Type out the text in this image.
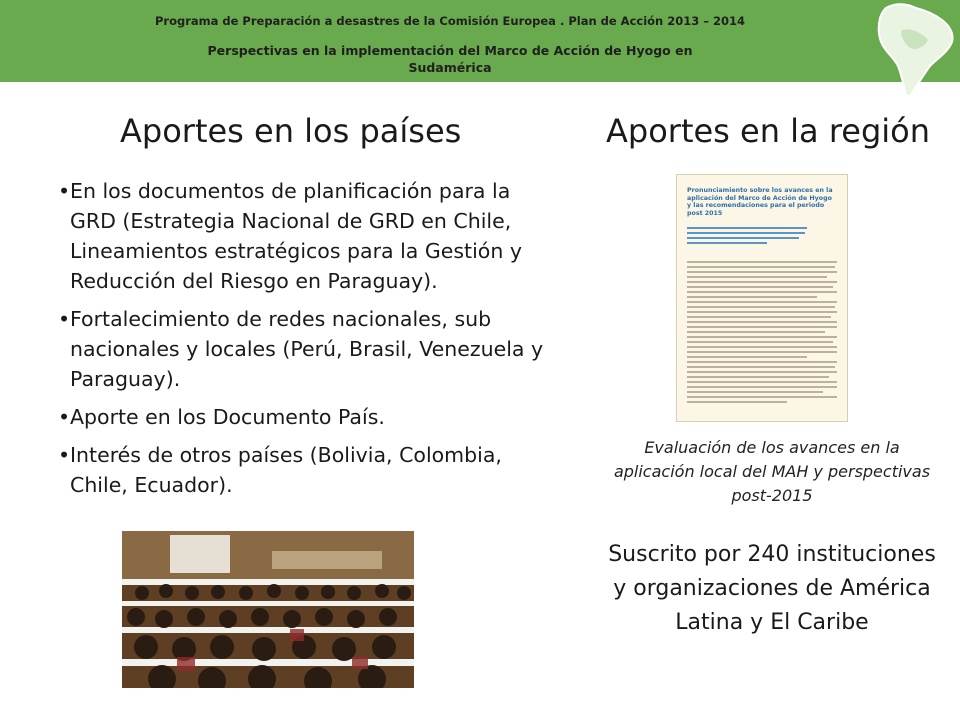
Programa de Preparación a desastres de la Comisión Europea . Plan de Acción 2013 – 2014
Perspectivas en la implementación del Marco de Acción de Hyogo en
Sudamérica
Aportes en los países	Aportes en la región
• En los documentos de planificación para la GRD (Estrategia Nacional de GRD en Chile, Lineamientos estratégicos para la Gestión y Reducción del Riesgo en Paraguay).
• Fortalecimiento de redes nacionales, sub nacionales y locales (Perú, Brasil, Venezuela y Paraguay).
• Aporte en los Documento País.
• Interés de otros países (Bolivia, Colombia, Chile, Ecuador).
Pronunciamiento sobre los avances en la aplicación del Marco de Acción de Hyogo y las recomendaciones para el periodo post 2015
Evaluación de los avances en la aplicación local del MAH y perspectivas post-2015
Suscrito por 240 instituciones y organizaciones de América Latina y El Caribe
